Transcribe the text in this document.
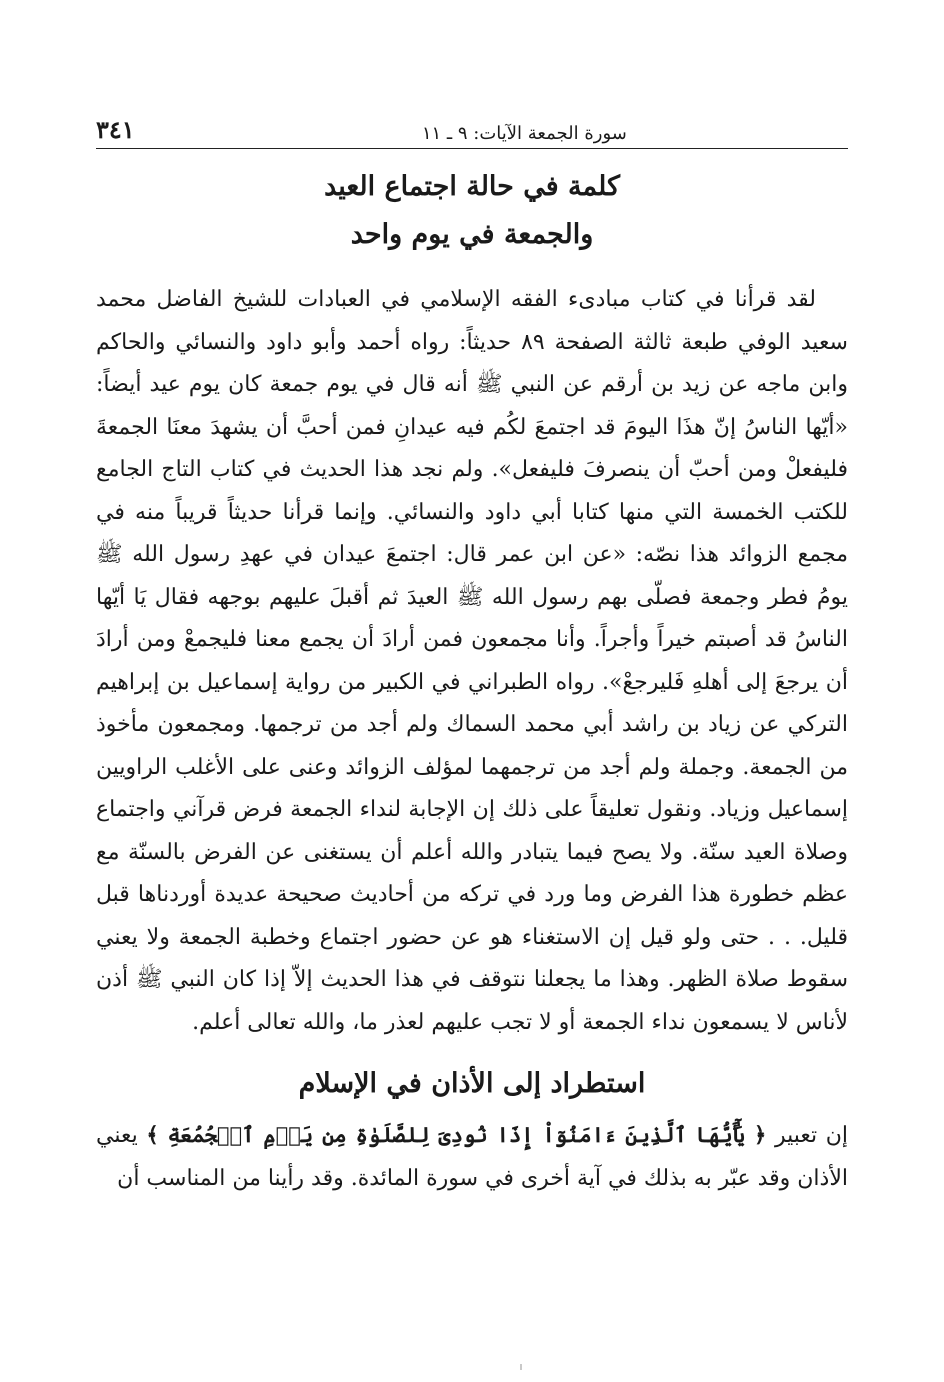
سورة الجمعة الآيات: ٩ ـ ١١
٣٤١
كلمة في حالة اجتماع العيد
والجمعة في يوم واحد

لقد قرأنا في كتاب مبادىء الفقه الإسلامي في العبادات للشيخ الفاضل محمد سعيد الوفي طبعة ثالثة الصفحة ٨٩ حديثاً: رواه أحمد وأبو داود والنسائي والحاكم وابن ماجه عن زيد بن أرقم عن النبي ﷺ أنه قال في يوم جمعة كان يوم عيد أيضاً: «أيّها الناسُ إنّ هذَا اليومَ قد اجتمعَ لكُم فيه عيدانِ فمن أحبَّ أن يشهدَ معنَا الجمعةَ فليفعلْ ومن أحبّ أن ينصرفَ فليفعل». ولم نجد هذا الحديث في كتاب التاج الجامع للكتب الخمسة التي منها كتابا أبي داود والنسائي. وإنما قرأنا حديثاً قريباً منه في مجمع الزوائد هذا نصّه: «عن ابن عمر قال: اجتمعَ عيدان في عهدِ رسول الله ﷺ يومُ فطر وجمعة فصلّى بهم رسول الله ﷺ العيدَ ثم أقبلَ عليهم بوجهه فقال يَا أيّها الناسُ قد أصبتم خيراً وأجراً. وأنا مجمعون فمن أرادَ أن يجمع معنا فليجمعْ ومن أرادَ أن يرجعَ إلى أهلهِ فَليرجعْ». رواه الطبراني في الكبير من رواية إسماعيل بن إبراهيم التركي عن زياد بن راشد أبي محمد السماك ولم أجد من ترجمها. ومجمعون مأخوذ من الجمعة. وجملة ولم أجد من ترجمهما لمؤلف الزوائد وعنى على الأغلب الراويين إسماعيل وزياد. ونقول تعليقاً على ذلك إن الإجابة لنداء الجمعة فرض قرآني واجتماع وصلاة العيد سنّة. ولا يصح فيما يتبادر والله أعلم أن يستغنى عن الفرض بالسنّة مع عظم خطورة هذا الفرض وما ورد في تركه من أحاديث صحيحة عديدة أوردناها قبل قليل. . . حتى ولو قيل إن الاستغناء هو عن حضور اجتماع وخطبة الجمعة ولا يعني سقوط صلاة الظهر. وهذا ما يجعلنا نتوقف في هذا الحديث إلاّ إذا كان النبي ﷺ أذن لأناس لا يسمعون نداء الجمعة أو لا تجب عليهم لعذر ما، والله تعالى أعلم.

استطراد إلى الأذان في الإسلام

إن تعبير ﴿ يَٰٓأَيُّهَا ٱلَّذِينَ ءَامَنُوٓاْ إِذَا نُودِىَ لِلصَّلَوٰةِ مِن يَوۡمِ ٱلۡجُمُعَةِ ﴾ يعني الأذان وقد عبّر به بذلك في آية أخرى في سورة المائدة. وقد رأينا من المناسب أن
